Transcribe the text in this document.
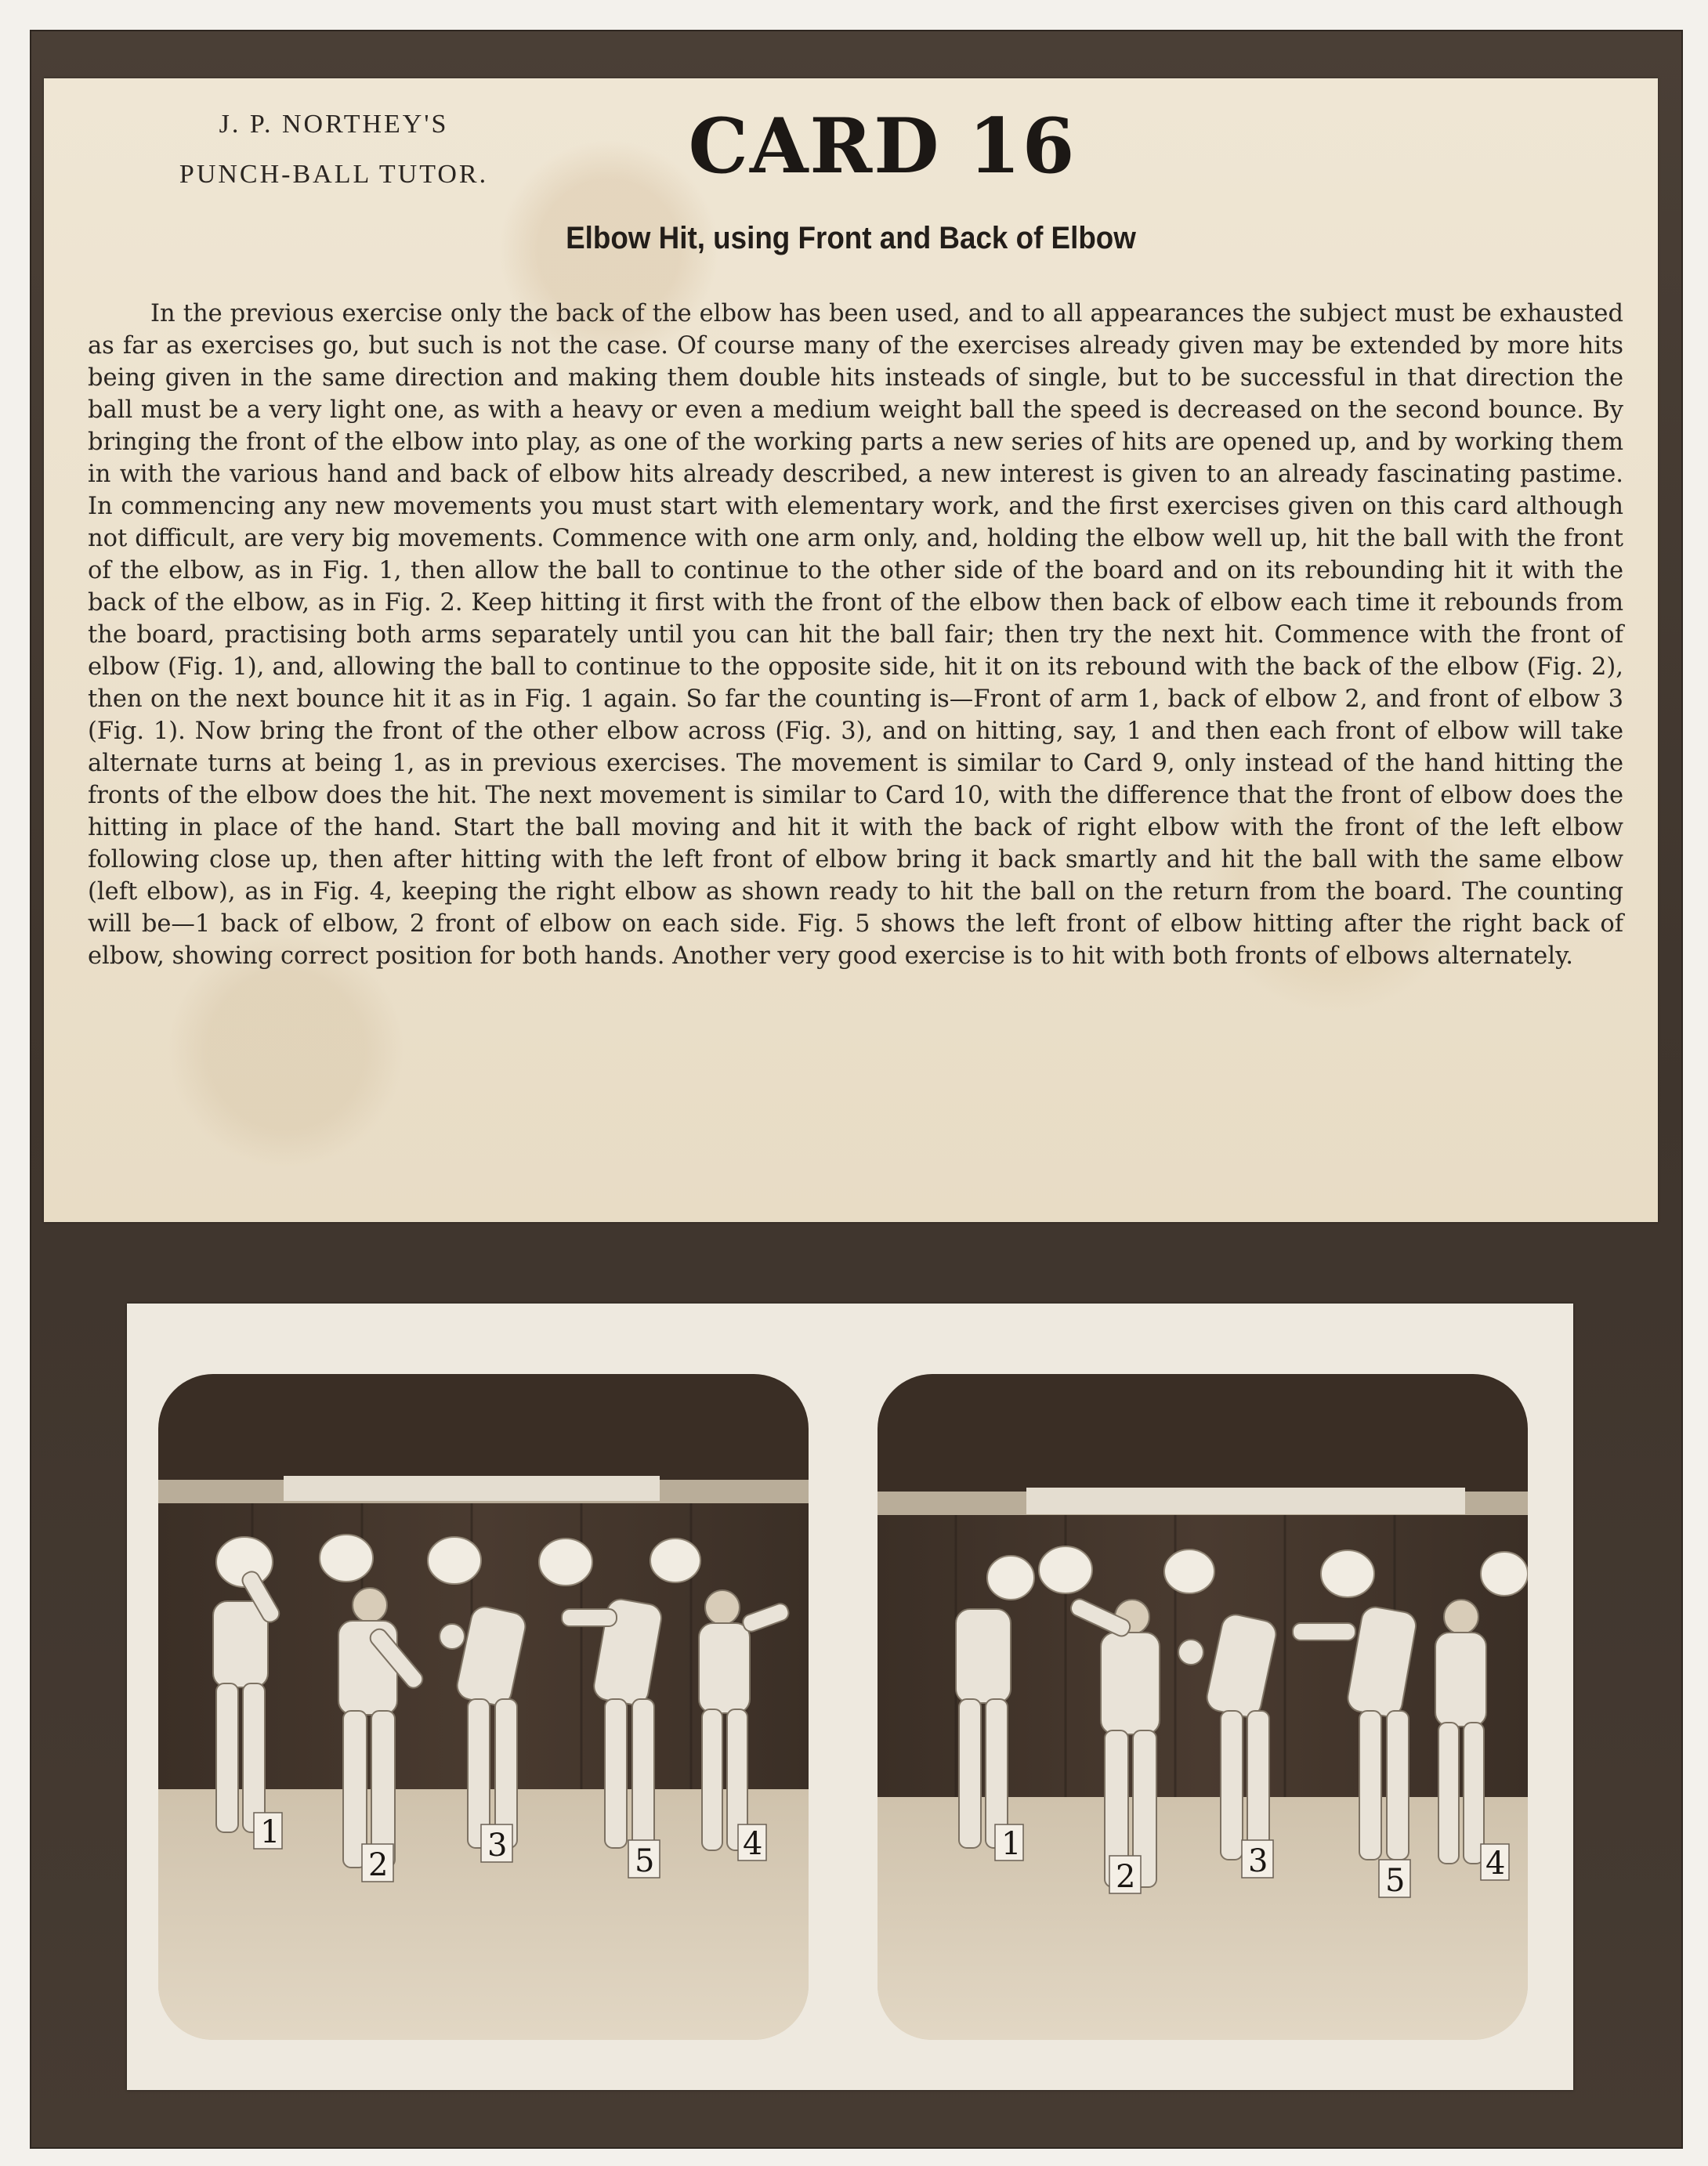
J. P. NORTHEY'S
PUNCH-BALL TUTOR.	CARD 16
Elbow Hit, using Front and Back of Elbow

In the previous exercise only the back of the elbow has been used, and to all appearances the subject must be exhausted as far as exercises go, but such is not the case. Of course many of the exercises already given may be extended by more hits being given in the same direction and making them double hits insteads of single, but to be successful in that direction the ball must be a very light one, as with a heavy or even a medium weight ball the speed is decreased on the second bounce. By bringing the front of the elbow into play, as one of the working parts a new series of hits are opened up, and by working them in with the various hand and back of elbow hits already described, a new interest is given to an already fascinating pastime. In commencing any new movements you must start with elementary work, and the first exercises given on this card although not difficult, are very big movements. Commence with one arm only, and, holding the elbow well up, hit the ball with the front of the elbow, as in Fig. 1, then allow the ball to continue to the other side of the board and on its rebounding hit it with the back of the elbow, as in Fig. 2. Keep hitting it first with the front of the elbow then back of elbow each time it rebounds from the board, practising both arms separately until you can hit the ball fair; then try the next hit. Commence with the front of elbow (Fig. 1), and, allowing the ball to continue to the opposite side, hit it on its rebound with the back of the elbow (Fig. 2), then on the next bounce hit it as in Fig. 1 again. So far the counting is—Front of arm 1, back of elbow 2, and front of elbow 3 (Fig. 1). Now bring the front of the other elbow across (Fig. 3), and on hitting, say, 1 and then each front of elbow will take alternate turns at being 1, as in previous exercises. The movement is similar to Card 9, only instead of the hand hitting the fronts of the elbow does the hit. The next movement is similar to Card 10, with the difference that the front of elbow does the hitting in place of the hand. Start the ball moving and hit it with the back of right elbow with the front of the left elbow following close up, then after hitting with the left front of elbow bring it back smartly and hit the ball with the same elbow (left elbow), as in Fig. 4, keeping the right elbow as shown ready to hit the ball on the return from the board. The counting will be—1 back of elbow, 2 front of elbow on each side. Fig. 5 shows the left front of elbow hitting after the right back of elbow, showing correct position for both hands. Another very good exercise is to hit with both fronts of elbows alternately.

1
2
3	5	4	1
2	3
5	4
